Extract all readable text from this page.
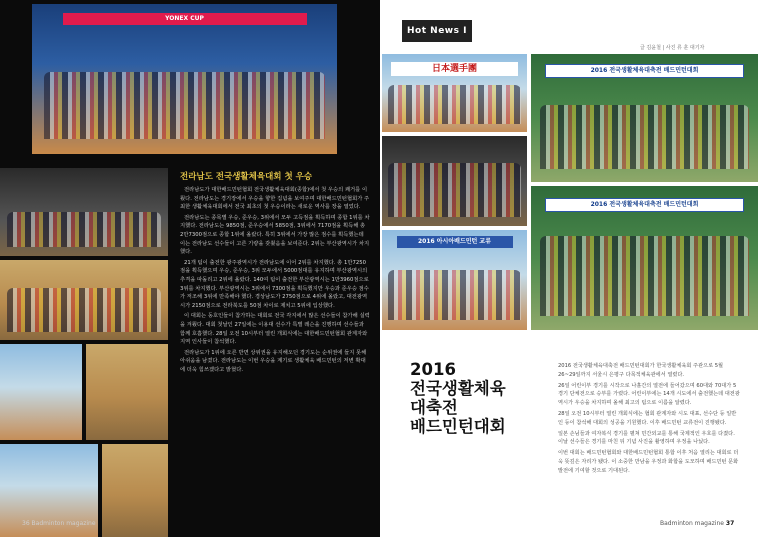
YONEX CUP
전라남도 전국생활체육대회 첫 우승

전라남도가 대한배드민턴협회 전국생활체육대회(종합)에서 첫 우승의 쾌거를 이뤘다. 전라남도는 경기장에서 우승을 향한 집념을 보여주며 대한배드민턴협회가 주최한 생활체육대회에서 전국 최초의 첫 우승이라는 새로운 역사를 장을 열었다.

전라남도는 종목별 우승, 준우승, 3위에서 모두 고득점을 획득하며 종합 1위를 차지했다. 전라남도는 9850점, 준우승에서 5850점, 3위에서 7170점을 획득해 총 2만7300점으로 종합 1위에 올랐다. 특히 3위에서 가장 많은 점수를 획득했는데 이는 전라남도 선수들이 고른 기량을 갖췄음을 보여준다. 2위는 부산광역시가 차지했다.

21개 팀이 출전한 광주광역시가 전라남도에 이어 2위를 차지했다. 총 1만7250점을 획득했으며 우승, 준우승, 3위 모두에서 5000점대를 유지하며 부산광역시의 추격을 따돌리고 2위에 올랐다. 140여 팀이 출전한 부산광역시는 1만3960점으로 3위를 차지했다. 부산광역시는 3위에서 7300점을 획득했지만 우승과 준우승 점수가 저조해 3위에 만족해야 했다. 경상남도가 2750점으로 4위에 올랐고, 대전광역시가 2150점으로 전라북도를 50점 차이로 제치고 5위에 입상했다.

이 대회는 동호인들이 참가하는 대회로 전국 각지에서 많은 선수들이 참가해 실력을 겨뤘다. 대회 첫날인 27일에는 이용대 선수가 특별 레슨을 진행하며 선수들과 함께 호흡했다. 28일 오전 10시부터 열린 개회식에는 대한배드민턴협회 관계자와 지역 인사들이 참석했다.

전라남도가 1위에 오른 반면 상위권을 유지해오던 경기도는 순위권에 들지 못해 아쉬움을 남겼다. 전라남도는 이번 우승을 계기로 생활체육 배드민턴의 저변 확대에 더욱 힘쓰겠다고 밝혔다.

36 Badminton magazine
Hot News Ⅰ
글 김윤철 | 사진 류 훈 대기자
日本選手團	2016 전국생활체육대축전 배드민턴대회
2016 아시아배드민턴 교류
2016 전국생활체육대축전 배드민턴대회
2016
전국생활체육
대축전
배드민턴대회

2016 전국생활체육대축전 배드민턴대회가 한국생활체육회 주관으로 5월 26~29일까지 서울시 은평구 다목적체육관에서 열렸다.

26일 어린이부 경기를 시작으로 나흘간의 열전에 들어갔으며 60대와 70대가 5경기 단체전으로 승부를 가렸다. 어린이부에는 14개 시도에서 출전했는데 대전광역시가 우승을 차지하며 올해 최고의 팀으로 이름을 알렸다.

28일 오전 10시부터 열린 개회식에는 협회 관계자와 시도 대표, 선수단 등 일반인 등이 참석해 대회의 성공을 기원했다. 이후 배드민턴 교류전이 진행됐다.

일본 손님들과 여자복식 경기를 펼쳐 민간외교를 통해 국제적인 우호를 다졌다. 이날 선수들은 경기를 마친 뒤 기념 사진을 촬영하며 우정을 나눴다.

이번 대회는 배드민턴협회와 대한배드민턴협회 통합 이후 처음 열리는 대회로 더욱 뜻깊은 자리가 됐다. 이 소중한 만남을 우정과 화합을 도모하며 배드민턴 문화 발전에 기여할 것으로 기대된다.

Badminton magazine 37
